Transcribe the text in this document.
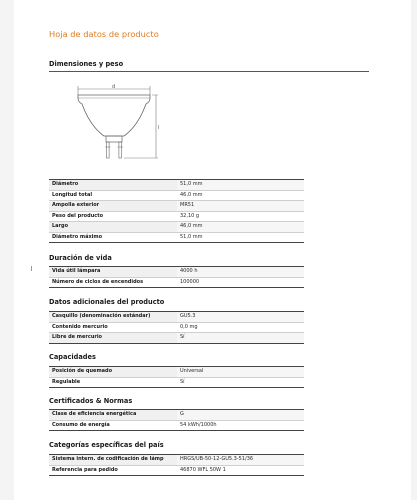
Hoja de datos de producto
Dimensiones y peso
d
l
Diámetro	51,0 mm
Longitud total	46,0 mm
Ampolla exterior	MR51
Peso del producto	32,10 g
Largo	46,0 mm
Diámetro máximo	51,0 mm
Duración de vida
Vida útil lámpara	4000 h
Número de ciclos de encendidos	100000
Datos adicionales del producto
Casquillo (denominación estándar)	GU5.3
Contenido mercurio	0,0 mg
Libre de mercurio	Sí
Capacidades
Posición de quemado	Universal
Regulable	Sí
Certificados & Normas
Clase de eficiencia energética	G
Consumo de energía	54 kWh/1000h
Categorías específicas del país
Sistema intern. de codificación de lámp	HRGS/UB-50-12-GU5.3-51/36
Referencia para pedido	46870 WFL 50W 1
